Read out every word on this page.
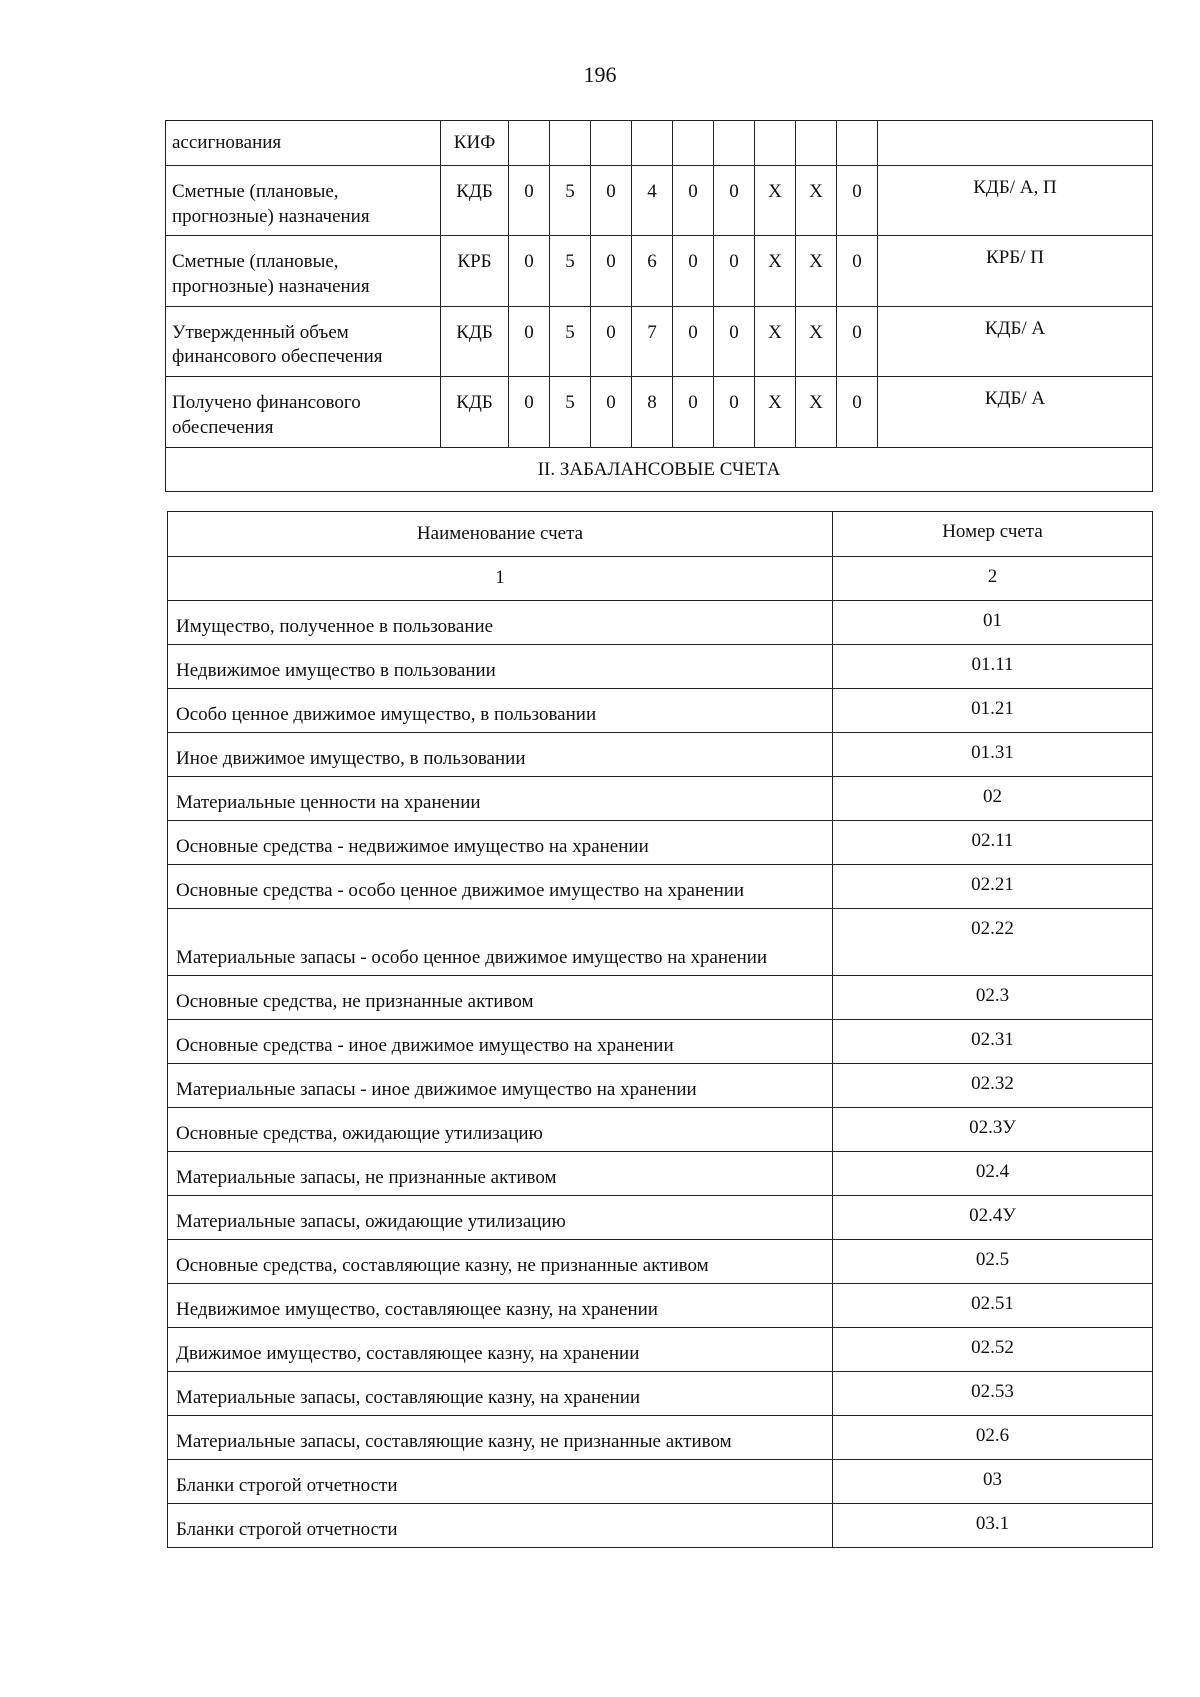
196
ассигнования	КИФ										
Сметные (плановые, прогнозные) назначения	КДБ	0	5	0	4	0	0	X	X	0	КДБ/ А, П
Сметные (плановые, прогнозные) назначения	КРБ	0	5	0	6	0	0	X	X	0	КРБ/ П
Утвержденный объем финансового обеспечения	КДБ	0	5	0	7	0	0	X	X	0	КДБ/ А
Получено финансового обеспечения	КДБ	0	5	0	8	0	0	X	X	0	КДБ/ А
II. ЗАБАЛАНСОВЫЕ СЧЕТА											
Наименование счета	Номер счета
1	2
Имущество, полученное в пользование	01
Недвижимое имущество в пользовании	01.11
Особо ценное движимое имущество, в пользовании	01.21
Иное движимое имущество, в пользовании	01.31
Материальные ценности на хранении	02
Основные средства - недвижимое имущество на хранении	02.11
Основные средства - особо ценное движимое имущество на хранении	02.21
Материальные запасы - особо ценное движимое имущество на хранении	02.22
Основные средства, не признанные активом	02.3
Основные средства - иное движимое имущество на хранении	02.31
Материальные запасы - иное движимое имущество на хранении	02.32
Основные средства, ожидающие утилизацию	02.3У
Материальные запасы, не признанные активом	02.4
Материальные запасы, ожидающие утилизацию	02.4У
Основные средства, составляющие казну, не признанные активом	02.5
Недвижимое имущество, составляющее казну, на хранении	02.51
Движимое имущество, составляющее казну, на хранении	02.52
Материальные запасы, составляющие казну, на хранении	02.53
Материальные запасы, составляющие казну, не признанные активом	02.6
Бланки строгой отчетности	03
Бланки строгой отчетности	03.1
